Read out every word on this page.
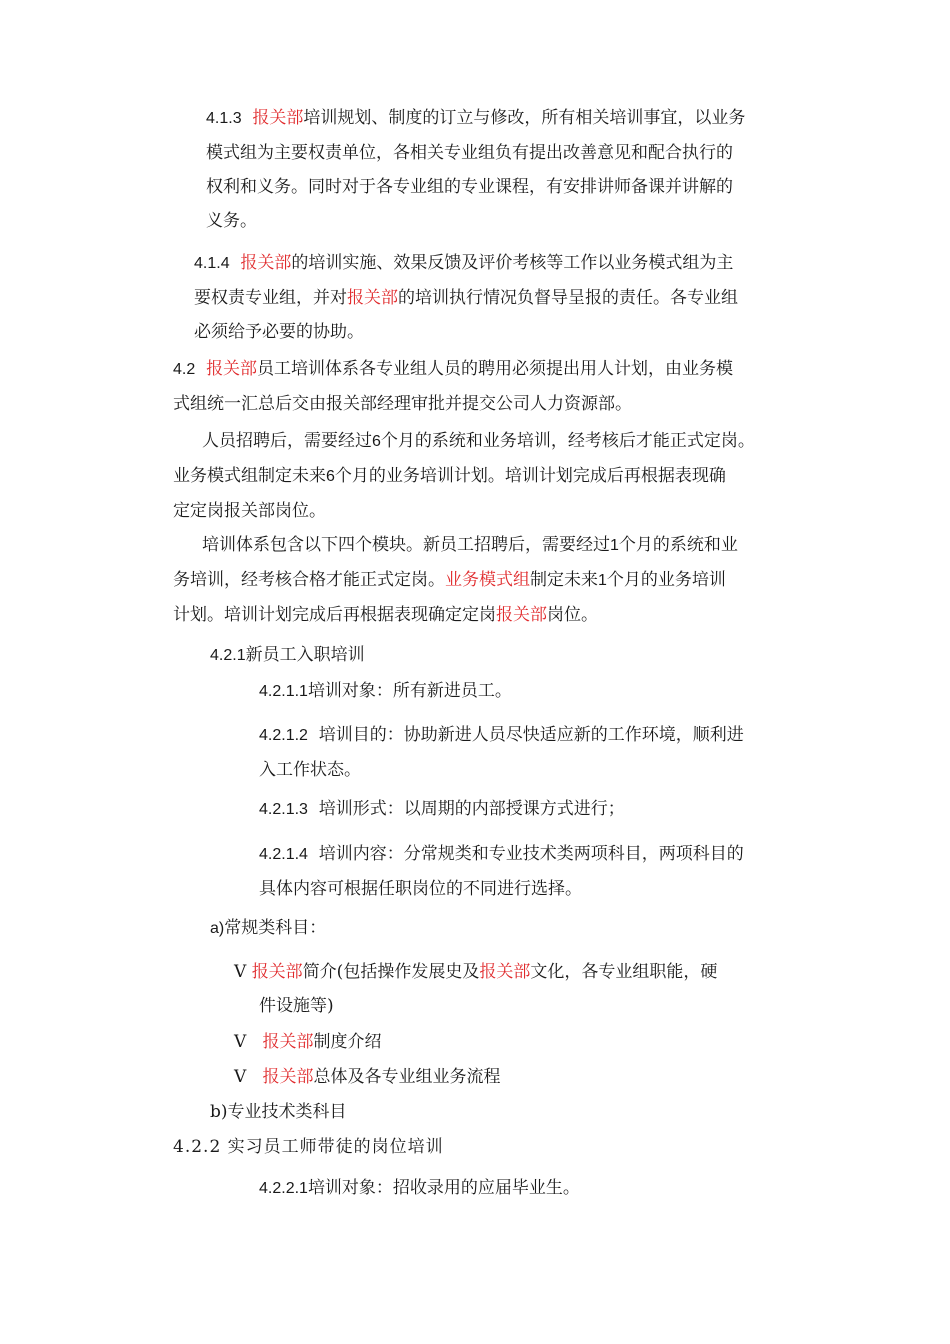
4.1.3 报关部培训规划、制度的订立与修改，所有相关培训事宜，以业务
模式组为主要权责单位，各相关专业组负有提出改善意见和配合执行的
权利和义务。同时对于各专业组的专业课程，有安排讲师备课并讲解的
义务。
4.1.4 报关部的培训实施、效果反馈及评价考核等工作以业务模式组为主
要权责专业组，并对报关部的培训执行情况负督导呈报的责任。各专业组
必须给予必要的协助。
4.2 报关部员工培训体系各专业组人员的聘用必须提出用人计划，由业务模
式组统一汇总后交由报关部经理审批并提交公司人力资源部。
人员招聘后，需要经过6个月的系统和业务培训，经考核后才能正式定岗。
业务模式组制定未来6个月的业务培训计划。培训计划完成后再根据表现确
定定岗报关部岗位。
培训体系包含以下四个模块。新员工招聘后，需要经过1个月的系统和业
务培训，经考核合格才能正式定岗。业务模式组制定未来1个月的业务培训
计划。培训计划完成后再根据表现确定定岗报关部岗位。
4.2.1新员工入职培训
4.2.1.1培训对象：所有新进员工。
4.2.1.2 培训目的：协助新进人员尽快适应新的工作环境，顺利进
入工作状态。
4.2.1.3 培训形式：以周期的内部授课方式进行；
4.2.1.4 培训内容：分常规类和专业技术类两项科目，两项科目的
具体内容可根据任职岗位的不同进行选择。
a)常规类科目：
V 报关部简介(包括操作发展史及报关部文化，各专业组职能，硬
件设施等)
V 报关部制度介绍
V 报关部总体及各专业组业务流程
b)专业技术类科目
4.2.2 实习员工师带徒的岗位培训
4.2.2.1培训对象：招收录用的应届毕业生。
